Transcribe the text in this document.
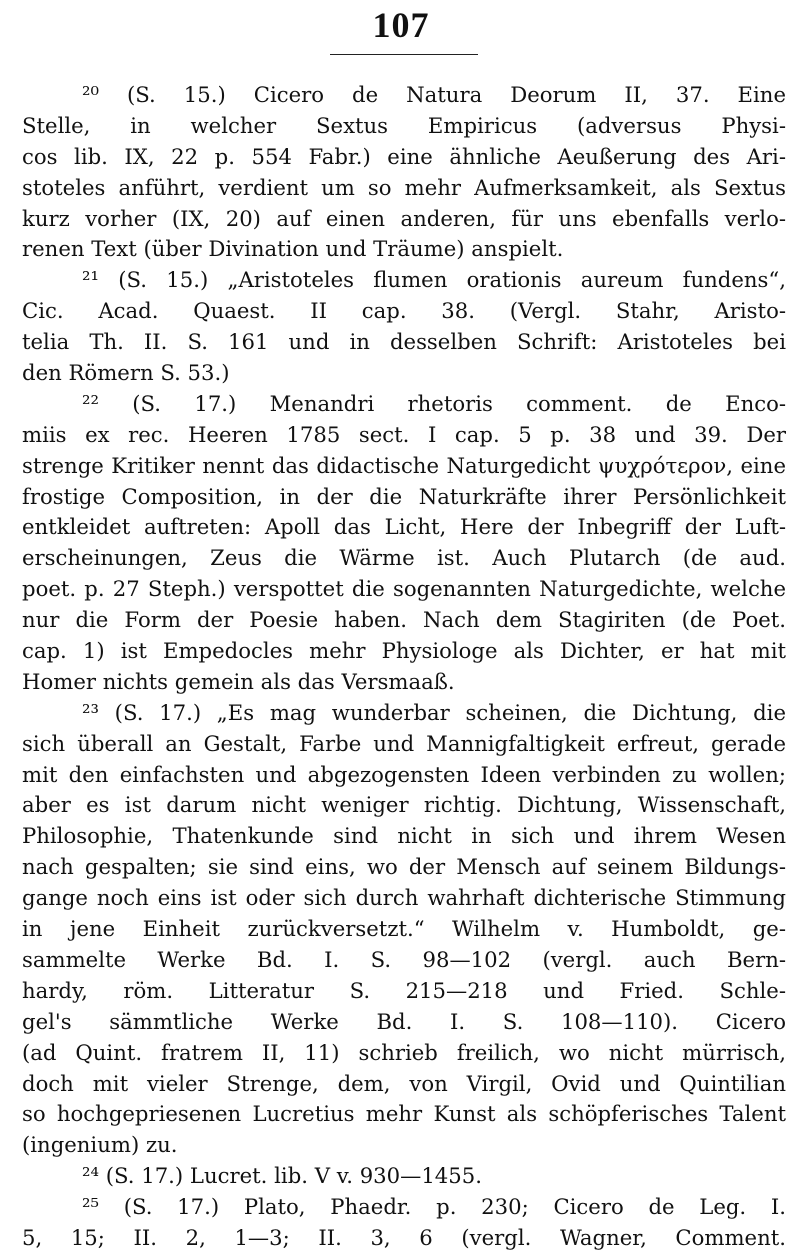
107
²⁰ (S. 15.) Cicero de Natura Deorum II, 37. Eine
Stelle, in welcher Sextus Empiricus (adversus Physi-
cos lib. IX, 22 p. 554 Fabr.) eine ähnliche Aeußerung des Ari-
stoteles anführt, verdient um so mehr Aufmerksamkeit, als Sextus
kurz vorher (IX, 20) auf einen anderen, für uns ebenfalls verlo-
renen Text (über Divination und Träume) anspielt.
²¹ (S. 15.) „Aristoteles flumen orationis aureum fundens“,
Cic. Acad. Quaest. II cap. 38. (Vergl. Stahr, Aristo-
telia Th. II. S. 161 und in desselben Schrift: Aristoteles bei
den Römern S. 53.)
²² (S. 17.) Menandri rhetoris comment. de Enco-
miis ex rec. Heeren 1785 sect. I cap. 5 p. 38 und 39. Der
strenge Kritiker nennt das didactische Naturgedicht ψυχρότερον, eine
frostige Composition, in der die Naturkräfte ihrer Persönlichkeit
entkleidet auftreten: Apoll das Licht, Here der Inbegriff der Luft-
erscheinungen, Zeus die Wärme ist. Auch Plutarch (de aud.
poet. p. 27 Steph.) verspottet die sogenannten Naturgedichte, welche
nur die Form der Poesie haben. Nach dem Stagiriten (de Poet.
cap. 1) ist Empedocles mehr Physiologe als Dichter, er hat mit
Homer nichts gemein als das Versmaaß.
²³ (S. 17.) „Es mag wunderbar scheinen, die Dichtung, die
sich überall an Gestalt, Farbe und Mannigfaltigkeit erfreut, gerade
mit den einfachsten und abgezogensten Ideen verbinden zu wollen;
aber es ist darum nicht weniger richtig. Dichtung, Wissenschaft,
Philosophie, Thatenkunde sind nicht in sich und ihrem Wesen
nach gespalten; sie sind eins, wo der Mensch auf seinem Bildungs-
gange noch eins ist oder sich durch wahrhaft dichterische Stimmung
in jene Einheit zurückversetzt.“ Wilhelm v. Humboldt, ge-
sammelte Werke Bd. I. S. 98—102 (vergl. auch Bern-
hardy, röm. Litteratur S. 215—218 und Fried. Schle-
gel's sämmtliche Werke Bd. I. S. 108—110). Cicero
(ad Quint. fratrem II, 11) schrieb freilich, wo nicht mürrisch,
doch mit vieler Strenge, dem, von Virgil, Ovid und Quintilian
so hochgepriesenen Lucretius mehr Kunst als schöpferisches Talent
(ingenium) zu.
²⁴ (S. 17.) Lucret. lib. V v. 930—1455.
²⁵ (S. 17.) Plato, Phaedr. p. 230; Cicero de Leg. I.
5, 15; II. 2, 1—3; II. 3, 6 (vergl. Wagner, Comment.
